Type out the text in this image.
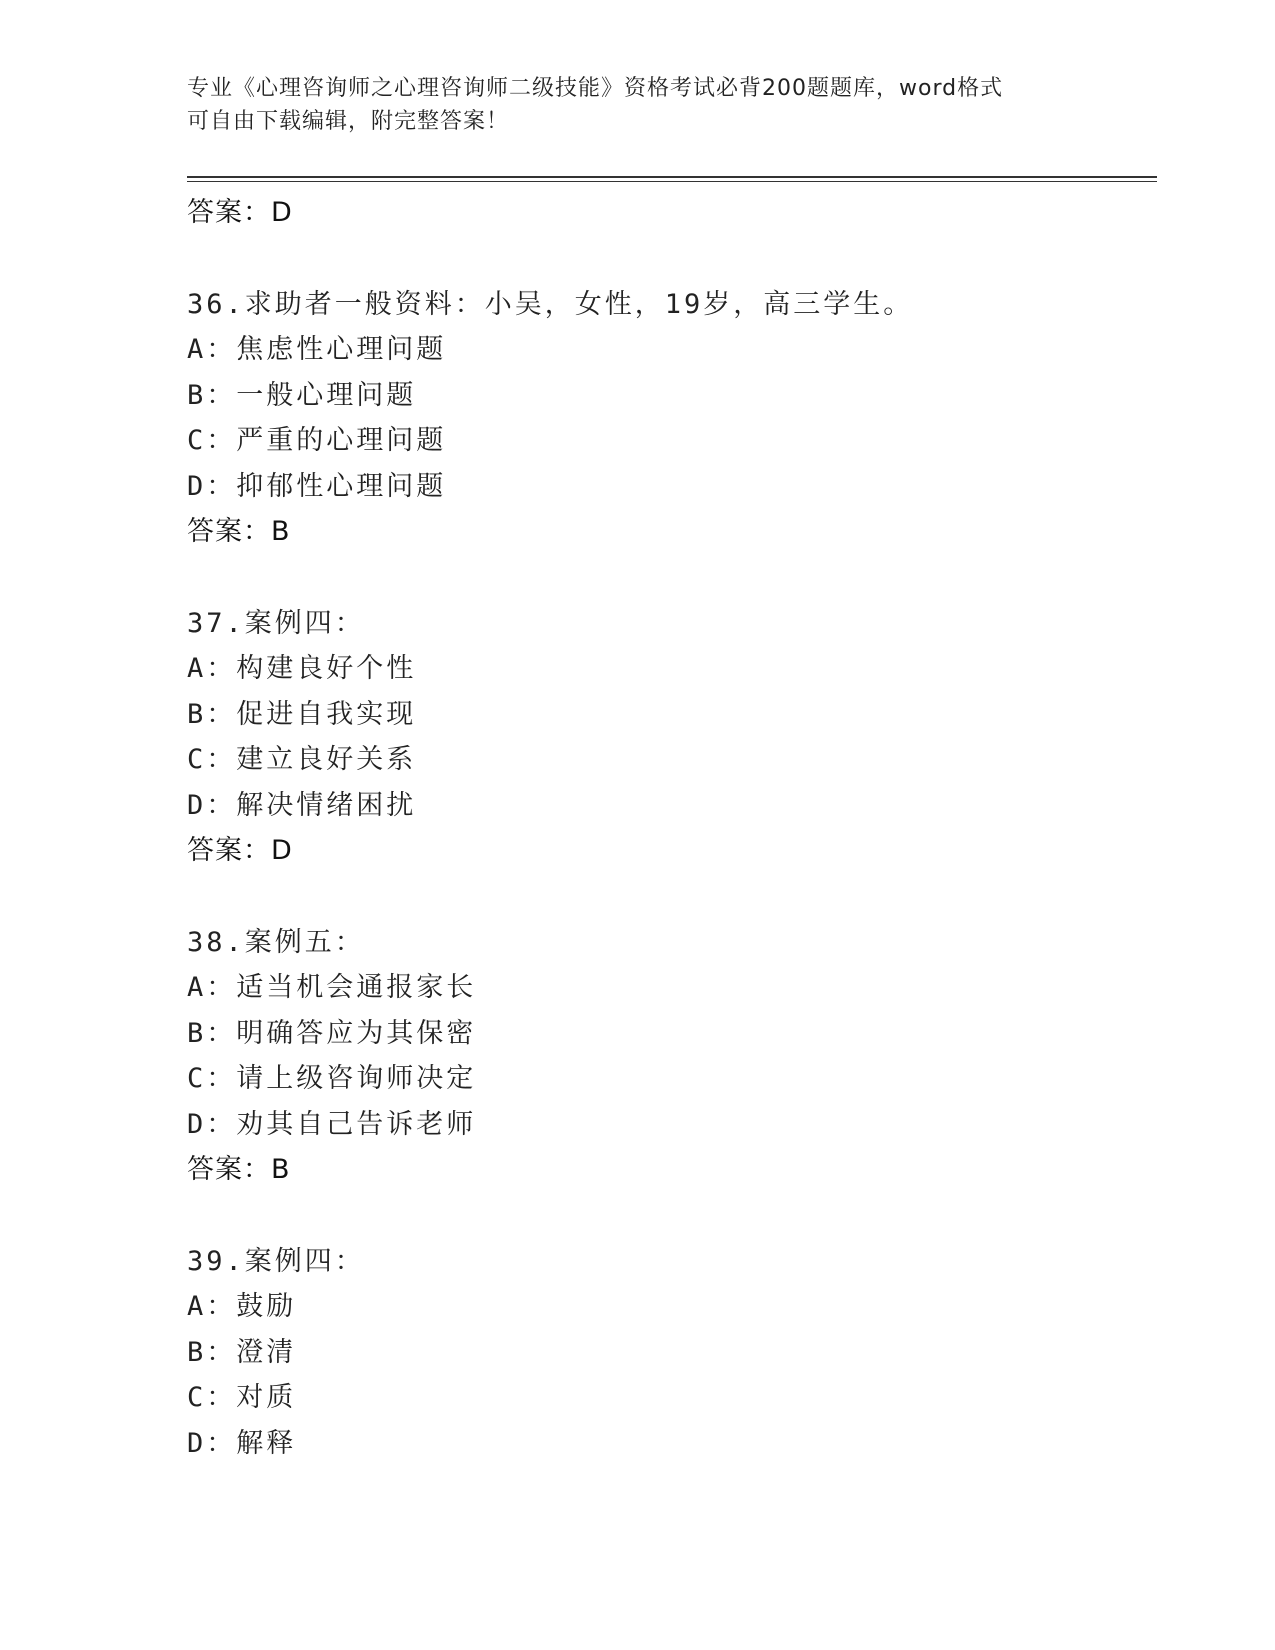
专业《心理咨询师之心理咨询师二级技能》资格考试必背200题题库，word格式
可自由下载编辑，附完整答案！
答案：D
36.求助者一般资料：小吴，女性，19岁，高三学生。
A：焦虑性心理问题
B：一般心理问题
C：严重的心理问题
D：抑郁性心理问题
答案：B
37.案例四：
A：构建良好个性
B：促进自我实现
C：建立良好关系
D：解决情绪困扰
答案：D
38.案例五：
A：适当机会通报家长
B：明确答应为其保密
C：请上级咨询师决定
D：劝其自己告诉老师
答案：B
39.案例四：
A：鼓励
B：澄清
C：对质
D：解释
